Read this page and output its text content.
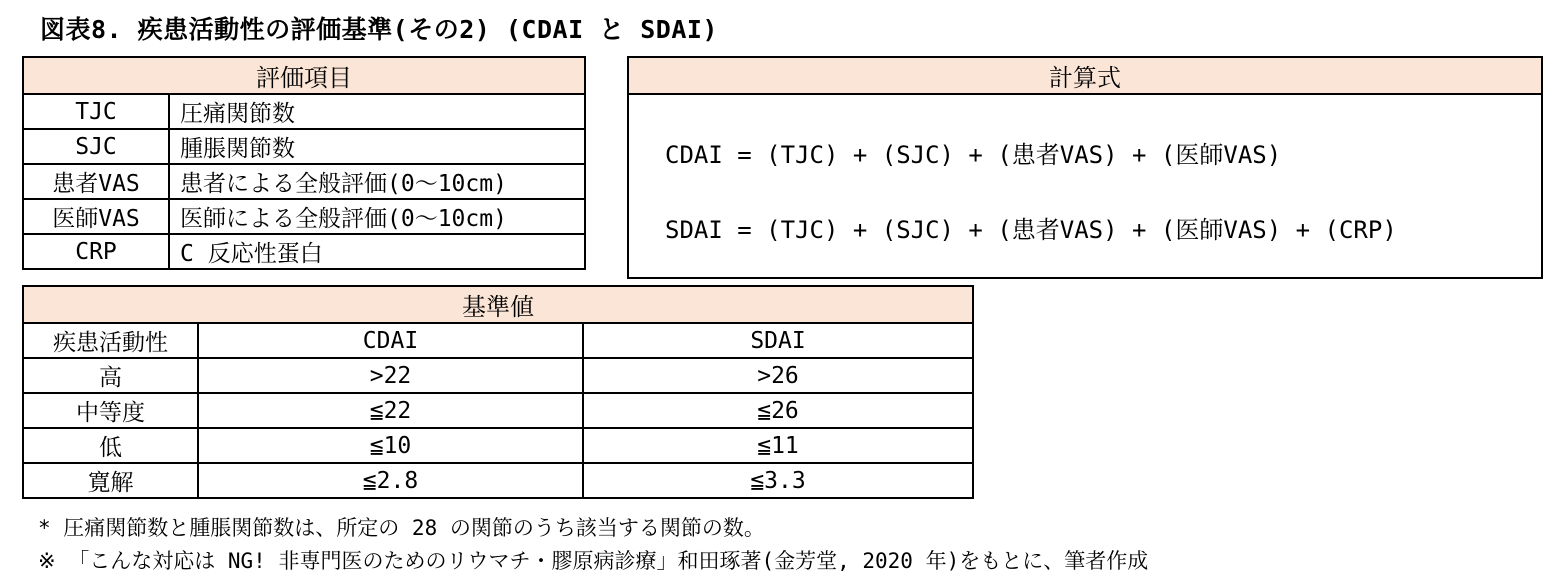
図表8. 疾患活動性の評価基準(その2) (CDAI と SDAI)
評価項目	
TJC	圧痛関節数
SJC	腫脹関節数
患者VAS	患者による全般評価(0〜10cm)
医師VAS	医師による全般評価(0〜10cm)
CRP	C 反応性蛋白
計算式

CDAI = (TJC) + (SJC) + (患者VAS) + (医師VAS)
SDAI = (TJC) + (SJC) + (患者VAS) + (医師VAS) + (CRP)
基準値		
疾患活動性	CDAI	SDAI
高	>22	>26
中等度	≦22	≦26
低	≦10	≦11
寛解	≦2.8	≦3.3
* 圧痛関節数と腫脹関節数は、所定の 28 の関節のうち該当する関節の数。
※ 「こんな対応は NG! 非専門医のためのリウマチ・膠原病診療」和田琢著(金芳堂, 2020 年)をもとに、筆者作成
